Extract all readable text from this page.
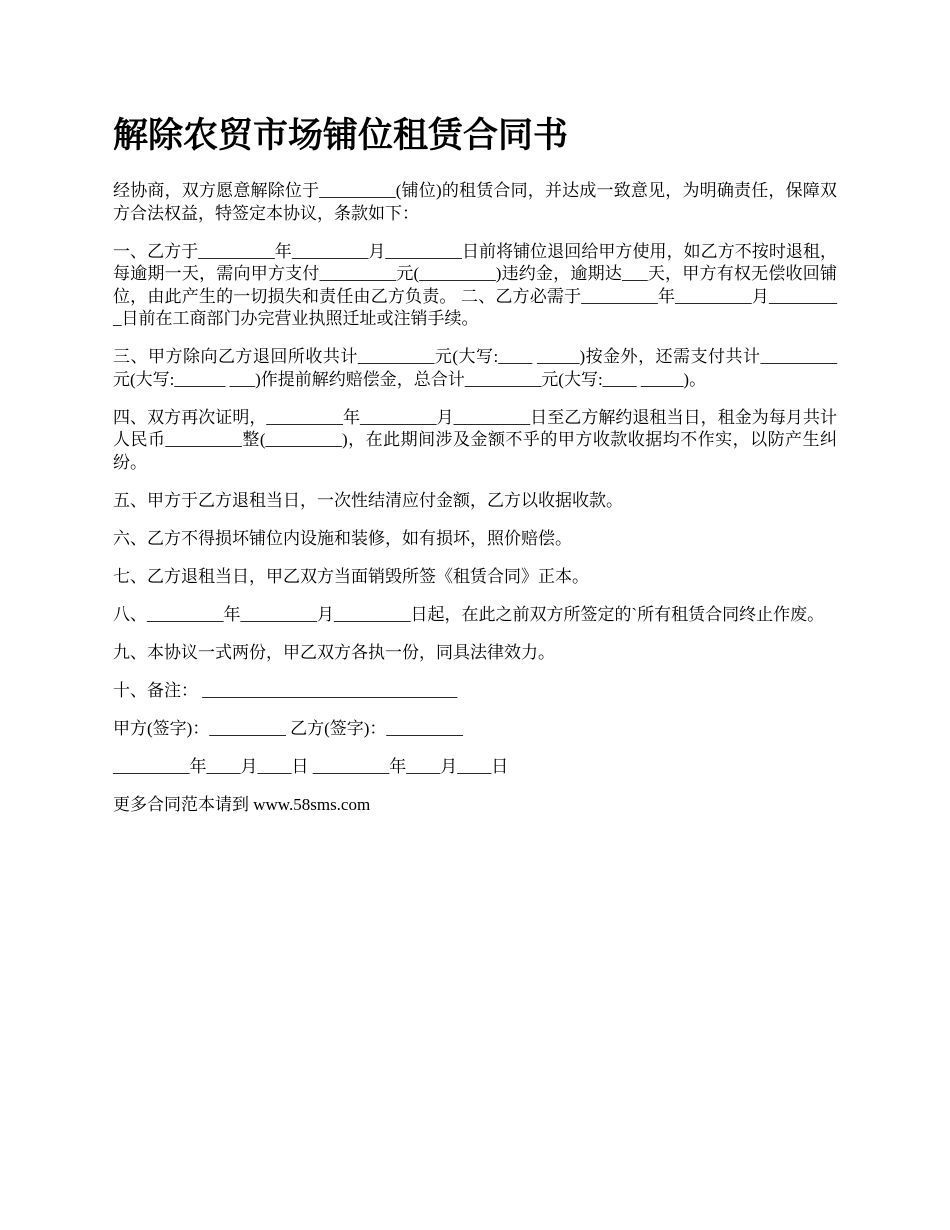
解除农贸市场铺位租赁合同书

经协商，双方愿意解除位于_________(铺位)的租赁合同，并达成一致意见，为明确责任，保障双方合法权益，特签定本协议，条款如下：

一、乙方于_________年_________月_________日前将铺位退回给甲方使用，如乙方不按时退租，每逾期一天，需向甲方支付_________元(_________)违约金，逾期达___天，甲方有权无偿收回铺位，由此产生的一切损失和责任由乙方负责。 二、乙方必需于_________年_________月_________日前在工商部门办完营业执照迁址或注销手续。

三、甲方除向乙方退回所收共计_________元(大写:____ _____)按金外，还需支付共计_________元(大写:______ ___)作提前解约赔偿金，总合计_________元(大写:____ _____)。

四、双方再次证明，_________年_________月_________日至乙方解约退租当日，租金为每月共计人民币_________整(_________)，在此期间涉及金额不乎的甲方收款收据均不作实，以防产生纠纷。

五、甲方于乙方退租当日，一次性结清应付金额，乙方以收据收款。

六、乙方不得损坏铺位内设施和装修，如有损坏，照价赔偿。

七、乙方退租当日，甲乙双方当面销毁所签《租赁合同》正本。

八、_________年_________月_________日起，在此之前双方所签定的`所有租赁合同终止作废。

九、本协议一式两份，甲乙双方各执一份，同具法律效力。

十、备注： ______________________________

甲方(签字)：_________ 乙方(签字)：_________

_________年____月____日 _________年____月____日

更多合同范本请到 www.58sms.com
